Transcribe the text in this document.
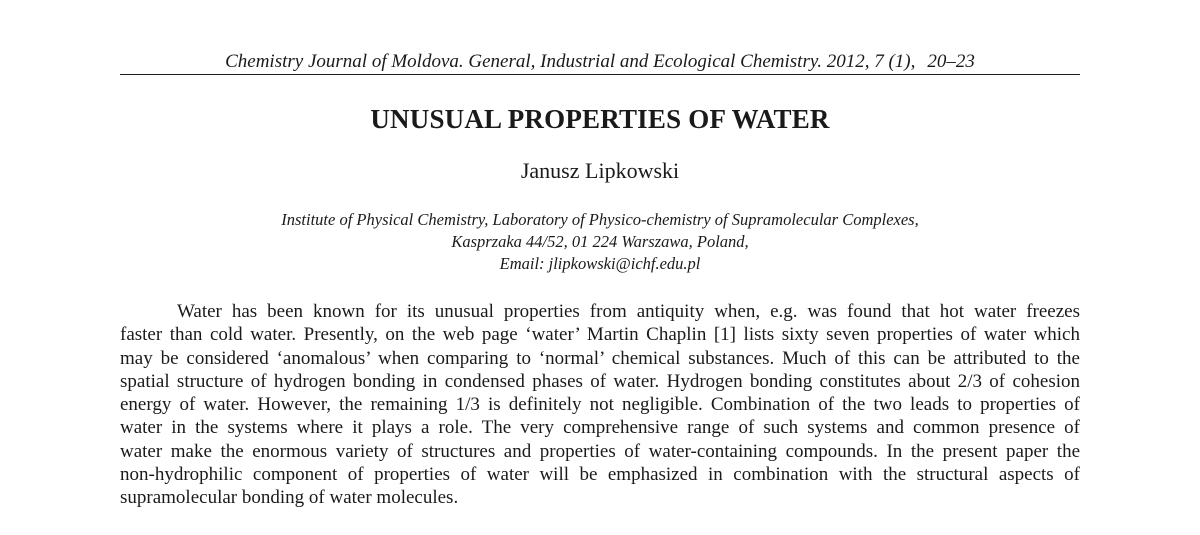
Chemistry Journal of Moldova. General, Industrial and Ecological Chemistry. 2012, 7 (1), 20–23
UNUSUAL PROPERTIES OF WATER
Janusz Lipkowski
Institute of Physical Chemistry, Laboratory of Physico-chemistry of Supramolecular Complexes,
Kasprzaka 44/52, 01 224 Warszawa, Poland,
Email: jlipkowski@ichf.edu.pl
Water has been known for its unusual properties from antiquity when, e.g. was found that hot water freezes
faster than cold water. Presently, on the web page ‘water’ Martin Chaplin [1] lists sixty seven properties of water which
may be considered ‘anomalous’ when comparing to ‘normal’ chemical substances. Much of this can be attributed to the
spatial structure of hydrogen bonding in condensed phases of water. Hydrogen bonding constitutes about 2/3 of cohesion
energy of water. However, the remaining 1/3 is definitely not negligible. Combination of the two leads to properties of
water in the systems where it plays a role. The very comprehensive range of such systems and common presence of
water make the enormous variety of structures and properties of water-containing compounds. In the present paper the
non-hydrophilic component of properties of water will be emphasized in combination with the structural aspects of
supramolecular bonding of water molecules.
